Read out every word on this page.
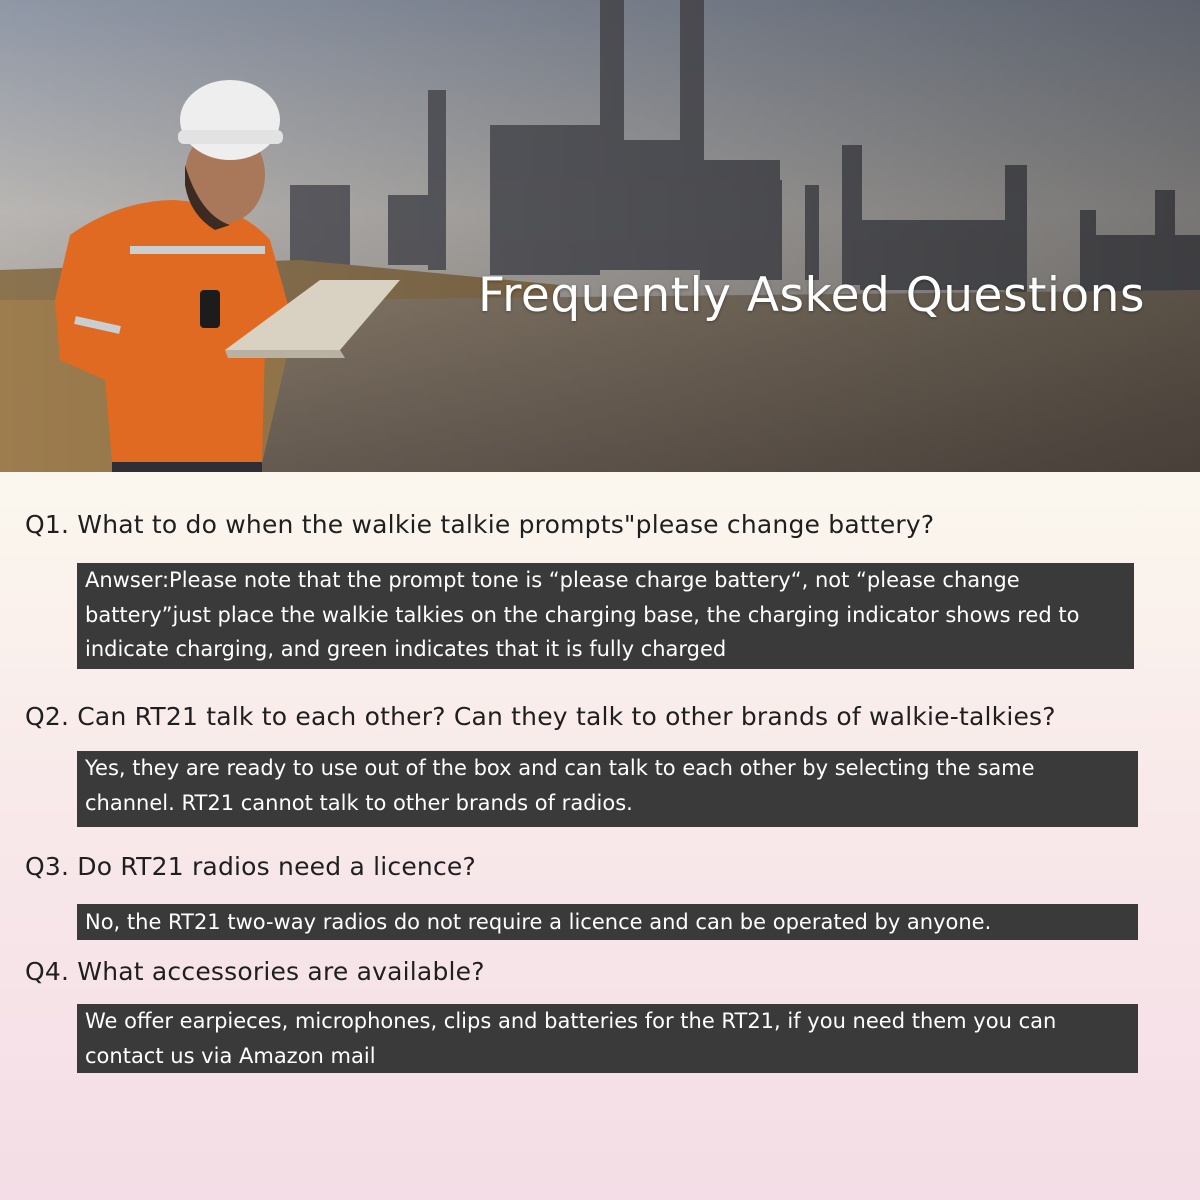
Frequently Asked Questions

Q1. What to do when the walkie talkie prompts"please change battery?

Anwser:Please note that the prompt tone is “please charge battery“, not “please change battery”just place the walkie talkies on the charging base, the charging indicator shows red to indicate charging, and green indicates that it is fully charged

Q2. Can RT21 talk to each other? Can they talk to other brands of walkie-talkies?

Yes, they are ready to use out of the box and can talk to each other by selecting the same channel. RT21 cannot talk to other brands of radios.

Q3. Do RT21 radios need a licence?

No, the RT21 two-way radios do not require a licence and can be operated by anyone.

Q4. What accessories are available?

We offer earpieces, microphones, clips and batteries for the RT21, if you need them you can contact us via Amazon mail
